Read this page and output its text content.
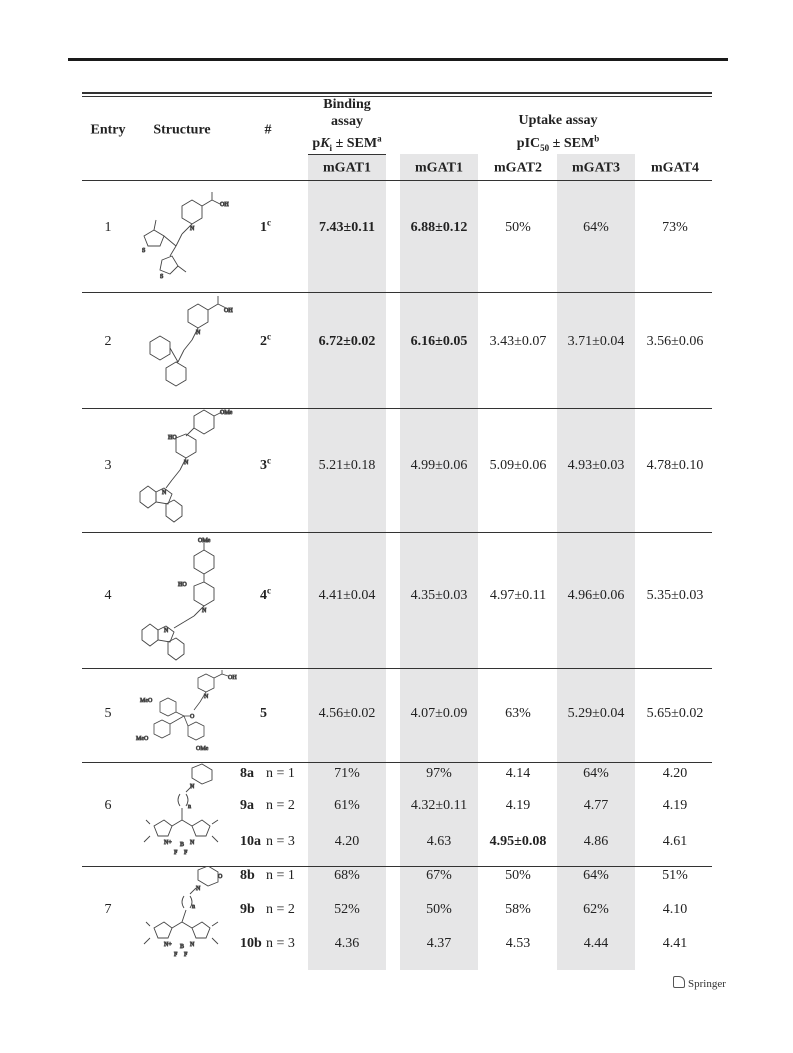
Entry Structure	#
Binding
assay
$pK_i \pm SEM^a$
Uptake assay
$pIC_{50} \pm SEM^b$
mGAT1	mGAT1 mGAT2 mGAT3 mGAT4
1	1$^c$	7.43±0.11	6.88±0.12	50%	64%	73%
2	2$^c$	6.72±0.02	6.16±0.05 3.43±0.07 3.71±0.04 3.56±0.06
3	3$^c$	5.21±0.18	4.99±0.06 5.09±0.06 4.93±0.03 4.78±0.10
4	4$^c$	4.41±0.04	4.35±0.03 4.97±0.11 4.96±0.06 5.35±0.03
5	5	4.56±0.02	4.07±0.09	63%	5.29±0.04 5.65±0.02
6
8a n = 1	71%	97%	4.14	64%	4.20
9a n = 2	61%	4.32±0.11	4.19	4.77	4.19
10a n = 3	4.20	4.63	4.95±0.08	4.86	4.61
7
8b n = 1	68%	67%	50%	64%	51%
9b n = 2	52%	50%	58%	62%	4.10
10b n = 3	4.36	4.37	4.53	4.44	4.41
OH
N
S
S
OH
N
OMe
HO
N
N
OMe
HO
N
N
OH
N
O
MeO
MeO
OMe
N
n
N+ B N
F F
O
N
n
N+ B N
F F
Springer
